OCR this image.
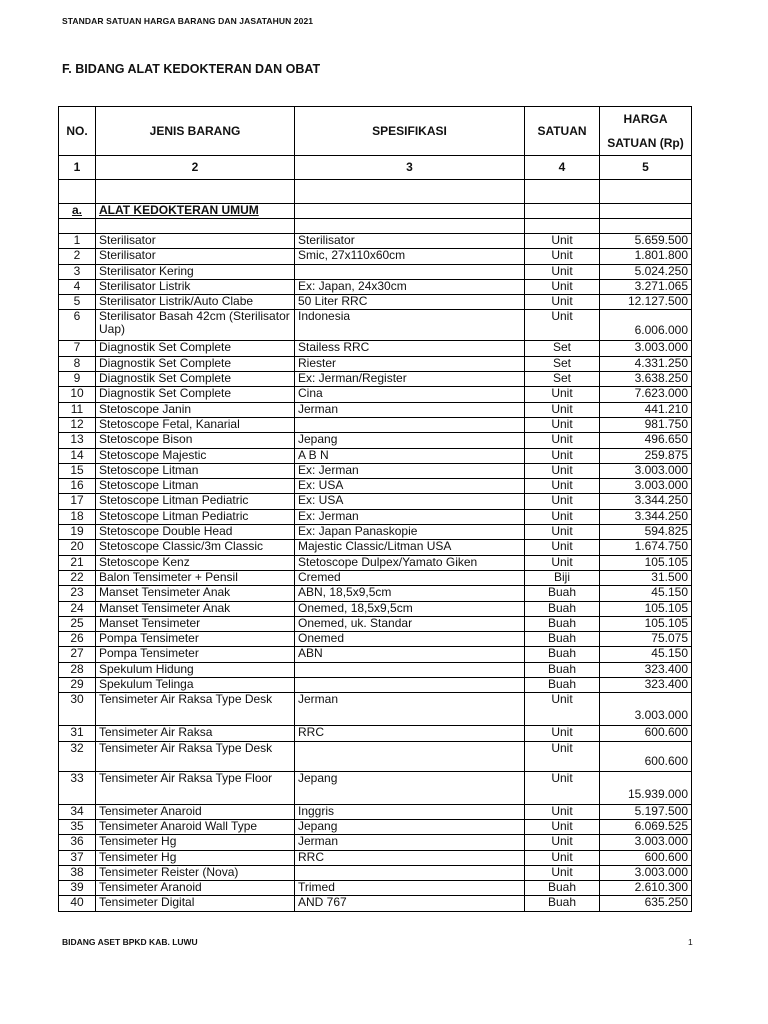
STANDAR SATUAN HARGA BARANG DAN JASATAHUN 2021
F. BIDANG ALAT KEDOKTERAN DAN OBAT
NO.	JENIS BARANG	SPESIFIKASI	SATUAN	HARGA
SATUAN (Rp)

1	2	3	4	5

a.	ALAT KEDOKTERAN UMUM			

1	Sterilisator	Sterilisator	Unit	5.659.500
2	Sterilisator	Smic, 27x110x60cm	Unit	1.801.800
3	Sterilisator Kering		Unit	5.024.250
4	Sterilisator Listrik	Ex: Japan, 24x30cm	Unit	3.271.065
5	Sterilisator Listrik/Auto Clabe	50 Liter RRC	Unit	12.127.500
6	Sterilisator Basah 42cm (Sterilisator Uap)	Indonesia	Unit	6.006.000
7	Diagnostik Set Complete	Stailess RRC	Set	3.003.000
8	Diagnostik Set Complete	Riester	Set	4.331.250
9	Diagnostik Set Complete	Ex: Jerman/Register	Set	3.638.250
10	Diagnostik Set Complete	Cina	Unit	7.623.000
11	Stetoscope Janin	Jerman	Unit	441.210
12	Stetoscope Fetal, Kanarial		Unit	981.750
13	Stetoscope Bison	Jepang	Unit	496.650
14	Stetoscope Majestic	A B N	Unit	259.875
15	Stetoscope Litman	Ex: Jerman	Unit	3.003.000
16	Stetoscope Litman	Ex: USA	Unit	3.003.000
17	Stetoscope Litman Pediatric	Ex: USA	Unit	3.344.250
18	Stetoscope Litman Pediatric	Ex: Jerman	Unit	3.344.250
19	Stetoscope Double Head	Ex: Japan Panaskopie	Unit	594.825
20	Stetoscope Classic/3m Classic	Majestic Classic/Litman USA	Unit	1.674.750
21	Stetoscope Kenz	Stetoscope Dulpex/Yamato Giken	Unit	105.105
22	Balon Tensimeter + Pensil	Cremed	Biji	31.500
23	Manset Tensimeter Anak	ABN, 18,5x9,5cm	Buah	45.150
24	Manset Tensimeter Anak	Onemed, 18,5x9,5cm	Buah	105.105
25	Manset Tensimeter	Onemed, uk. Standar	Buah	105.105
26	Pompa Tensimeter	Onemed	Buah	75.075
27	Pompa Tensimeter	ABN	Buah	45.150
28	Spekulum Hidung		Buah	323.400
29	Spekulum Telinga		Buah	323.400
30	Tensimeter Air Raksa Type Desk	Jerman	Unit	3.003.000
31	Tensimeter Air Raksa	RRC	Unit	600.600
32	Tensimeter Air Raksa Type Desk		Unit	600.600
33	Tensimeter Air Raksa Type Floor	Jepang	Unit	15.939.000
34	Tensimeter Anaroid	Inggris	Unit	5.197.500
35	Tensimeter Anaroid Wall Type	Jepang	Unit	6.069.525
36	Tensimeter Hg	Jerman	Unit	3.003.000
37	Tensimeter Hg	RRC	Unit	600.600
38	Tensimeter Reister (Nova)		Unit	3.003.000
39	Tensimeter Aranoid	Trimed	Buah	2.610.300
40	Tensimeter Digital	AND 767	Buah	635.250
BIDANG ASET BPKD KAB. LUWU	1
